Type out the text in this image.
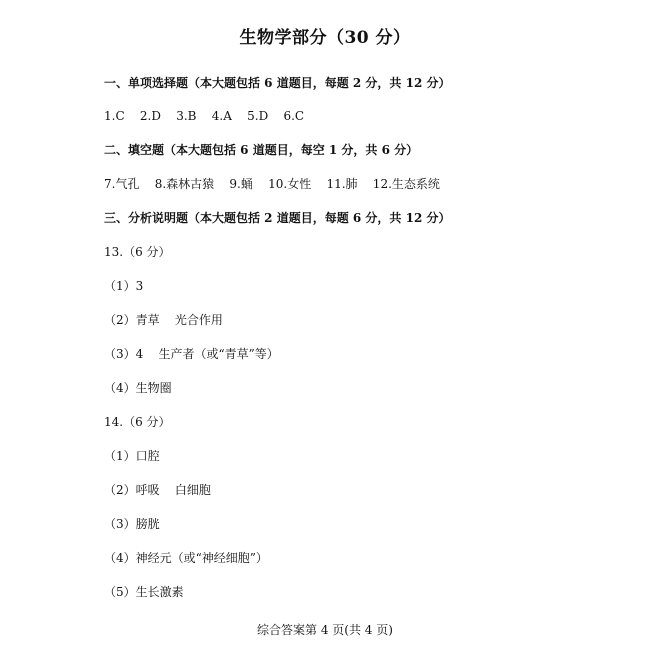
生物学部分（30 分）
一、单项选择题（本大题包括 6 道题目，每题 2 分，共 12 分）
1.C    2.D    3.B    4.A    5.D    6.C
二、填空题（本大题包括 6 道题目，每空 1 分，共 6 分）
7.气孔    8.森林古猿    9.蛹    10.女性    11.肺    12.生态系统
三、分析说明题（本大题包括 2 道题目，每题 6 分，共 12 分）
13.（6 分）
（1）3
（2）青草    光合作用
（3）4    生产者（或“青草”等）
（4）生物圈
14.（6 分）
（1）口腔
（2）呼吸    白细胞
（3）膀胱
（4）神经元（或“神经细胞”）
（5）生长激素
综合答案第 4 页(共 4 页)
